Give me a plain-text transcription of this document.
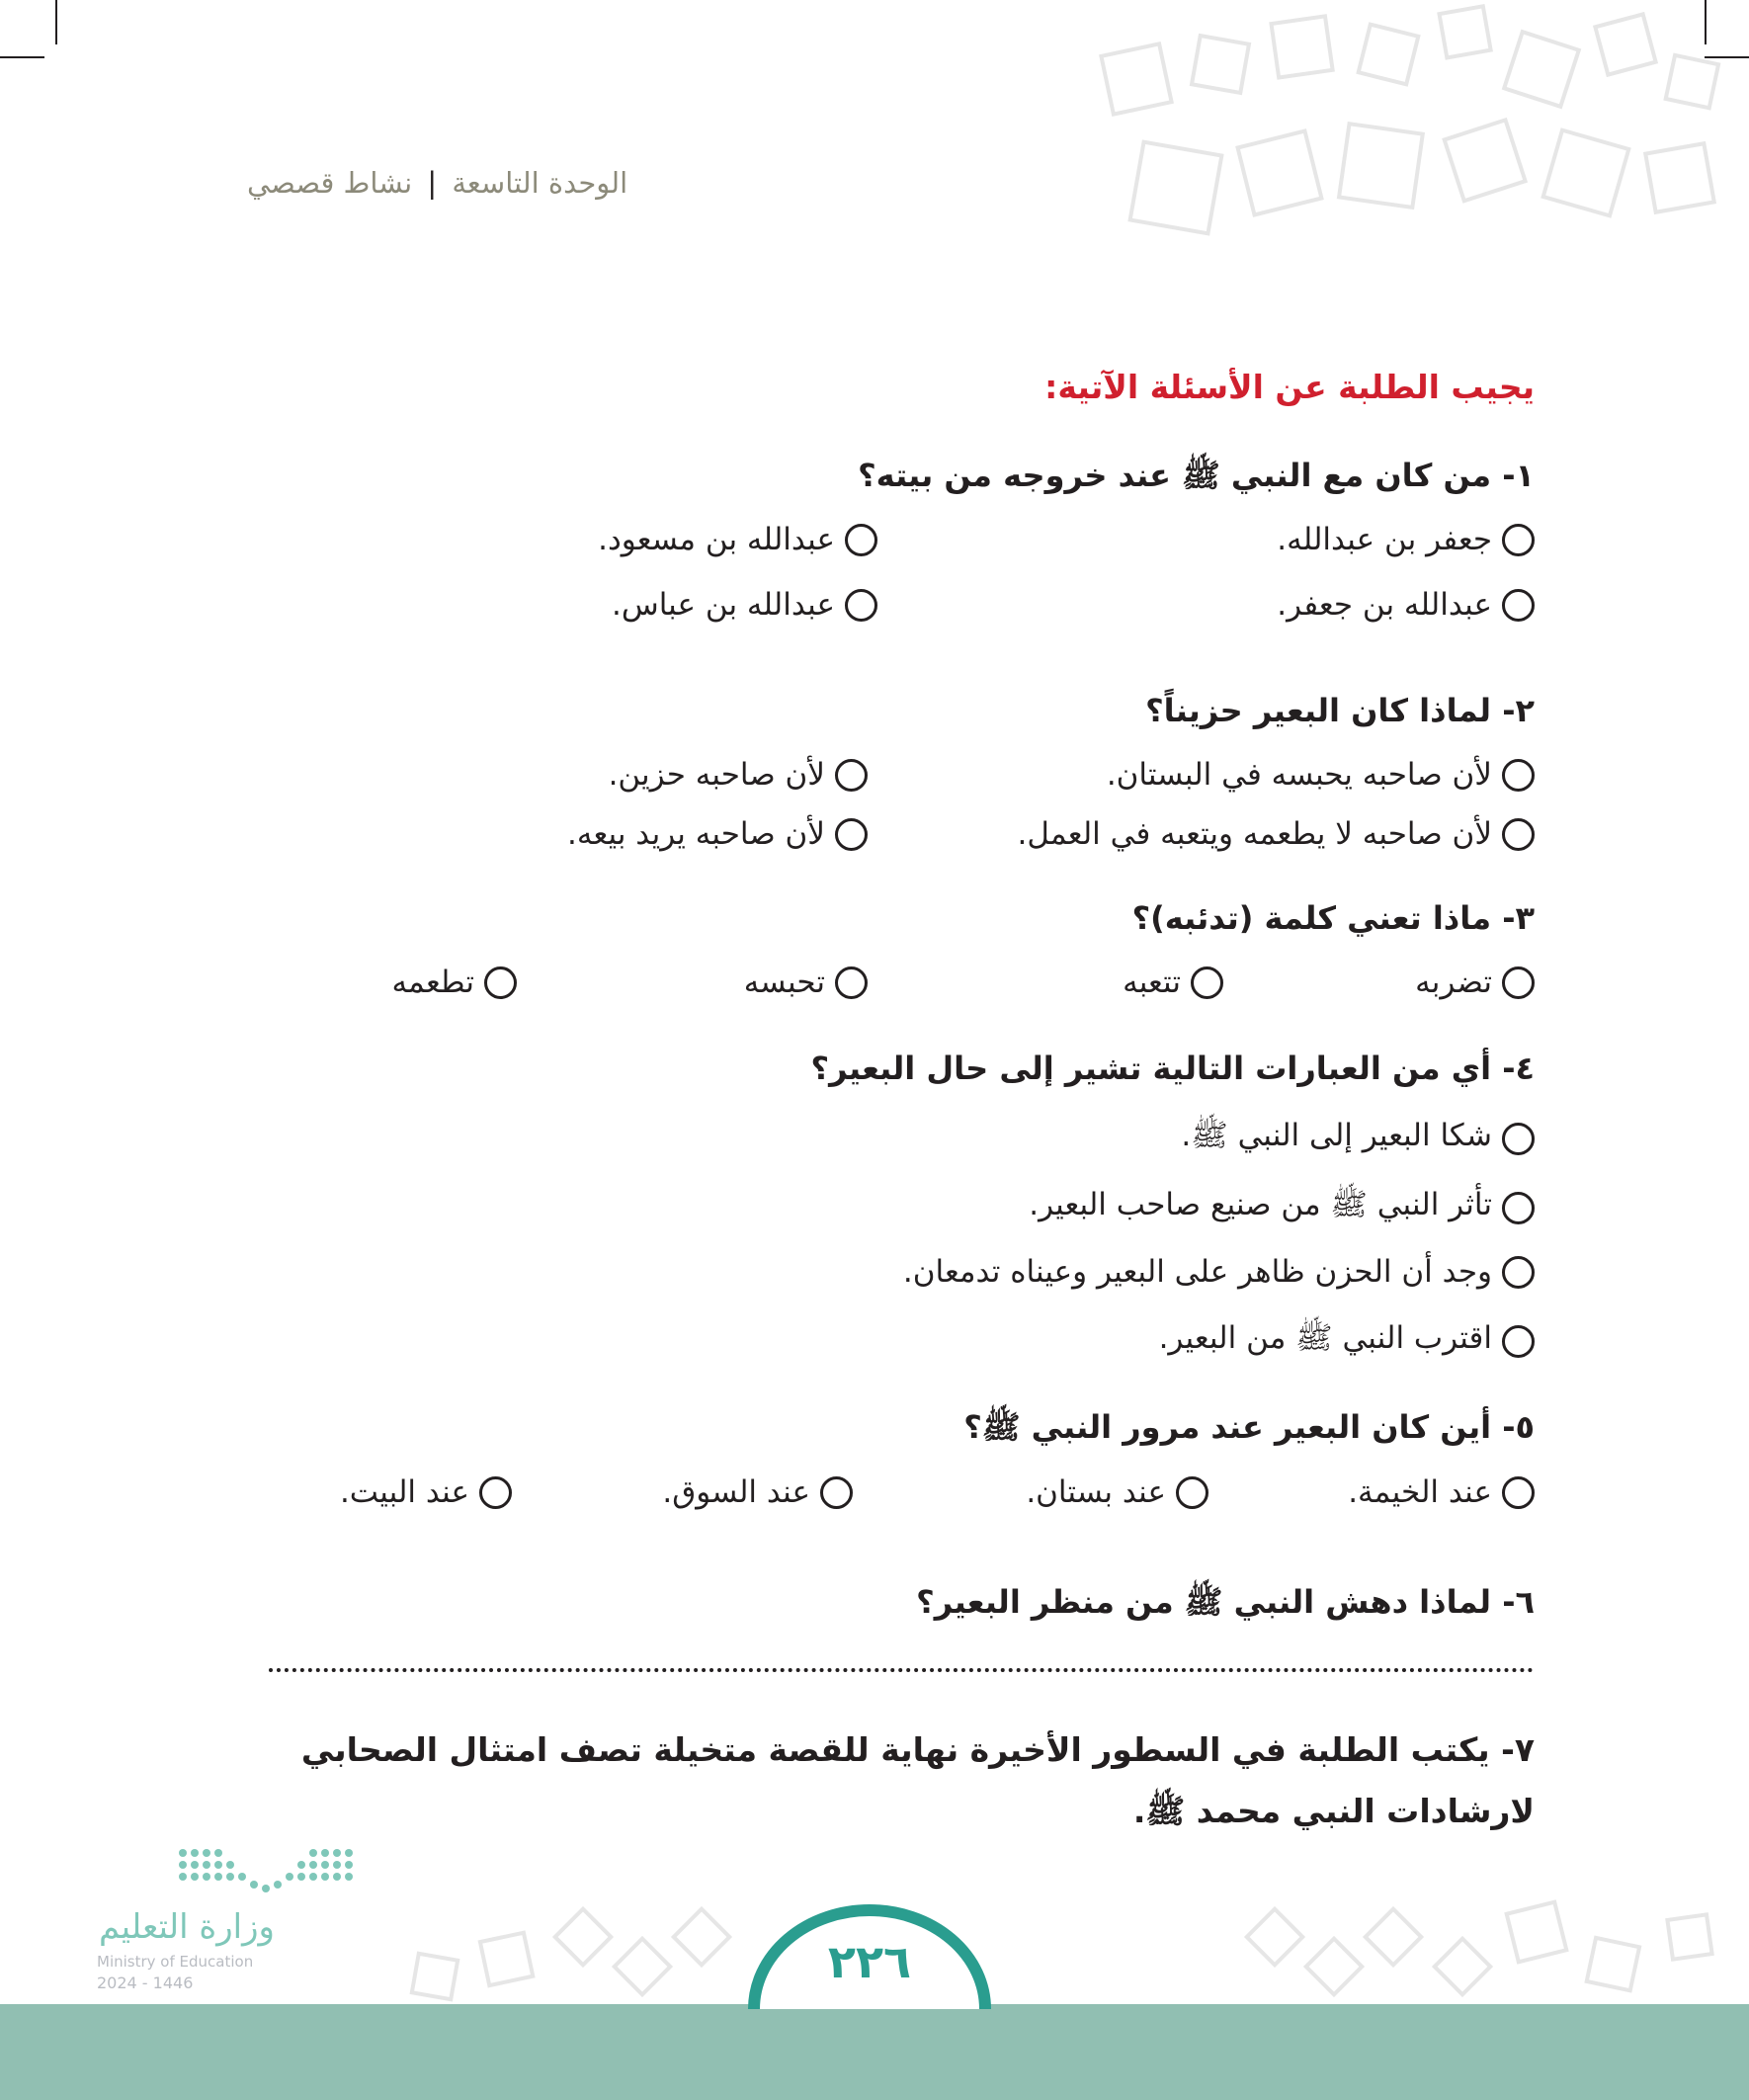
الوحدة التاسعة | نشاط قصصي
يجيب الطلبة عن الأسئلة الآتية:
١- من كان مع النبي ﷺ عند خروجه من بيته؟
جعفر بن عبدالله.
عبدالله بن مسعود.
عبدالله بن جعفر.
عبدالله بن عباس.
٢- لماذا كان البعير حزيناً؟
لأن صاحبه يحبسه في البستان.
لأن صاحبه حزين.
لأن صاحبه لا يطعمه ويتعبه في العمل.
لأن صاحبه يريد بيعه.
٣- ماذا تعني كلمة (تدئبه)؟
تضربه
تتعبه
تحبسه
تطعمه
٤- أي من العبارات التالية تشير إلى حال البعير؟
شكا البعير إلى النبي ﷺ.
تأثر النبي ﷺ من صنيع صاحب البعير.
وجد أن الحزن ظاهر على البعير وعيناه تدمعان.
اقترب النبي ﷺ من البعير.
٥- أين كان البعير عند مرور النبي ﷺ؟
عند الخيمة.
عند بستان.
عند السوق.
عند البيت.
٦- لماذا دهش النبي ﷺ من منظر البعير؟
٧- يكتب الطلبة في السطور الأخيرة نهاية للقصة متخيلة تصف امتثال الصحابي لارشادات النبي محمد ﷺ.
وزارة التعليم
Ministry of Education
2024 - 1446	٢٢٦
